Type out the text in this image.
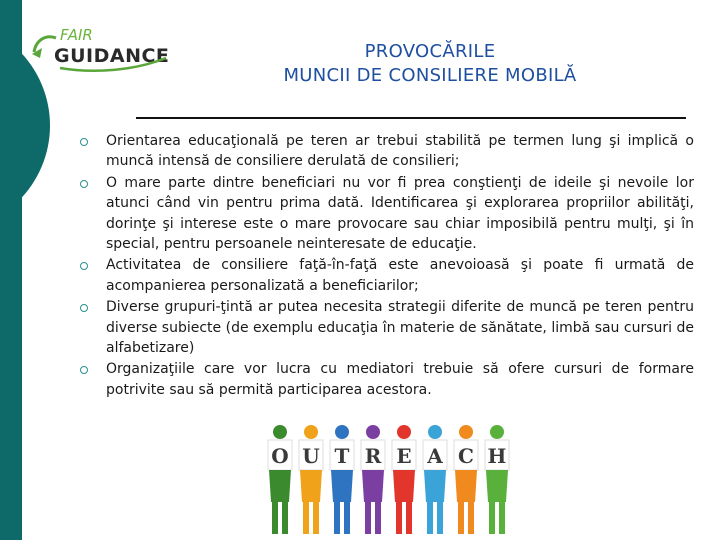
FAIR
GUIDANCE	PROVOCĂRILE
MUNCII DE CONSILIERE MOBILĂ
Orientarea educaţională pe teren ar trebui stabilită pe termen lung şi implică o muncă intensă de consiliere derulată de consilieri;
O mare parte dintre beneficiari nu vor fi prea conştienţi de ideile şi nevoile lor atunci când vin pentru prima dată. Identificarea şi explorarea propriilor abilităţi, dorinţe şi interese este o mare provocare sau chiar imposibilă pentru mulţi, şi în special, pentru persoanele neinteresate de educaţie.
Activitatea de consiliere faţă-în-faţă este anevoioasă şi poate fi urmată de acompanierea personalizată a beneficiarilor;
Diverse grupuri-ţintă ar putea necesita strategii diferite de muncă pe teren pentru diverse subiecte (de exemplu educaţia în materie de sănătate, limbă sau cursuri de alfabetizare)
Organizaţiile care vor lucra cu mediatori trebuie să ofere cursuri de formare potrivite sau să permită participarea acestora.
O U T R E A C H
